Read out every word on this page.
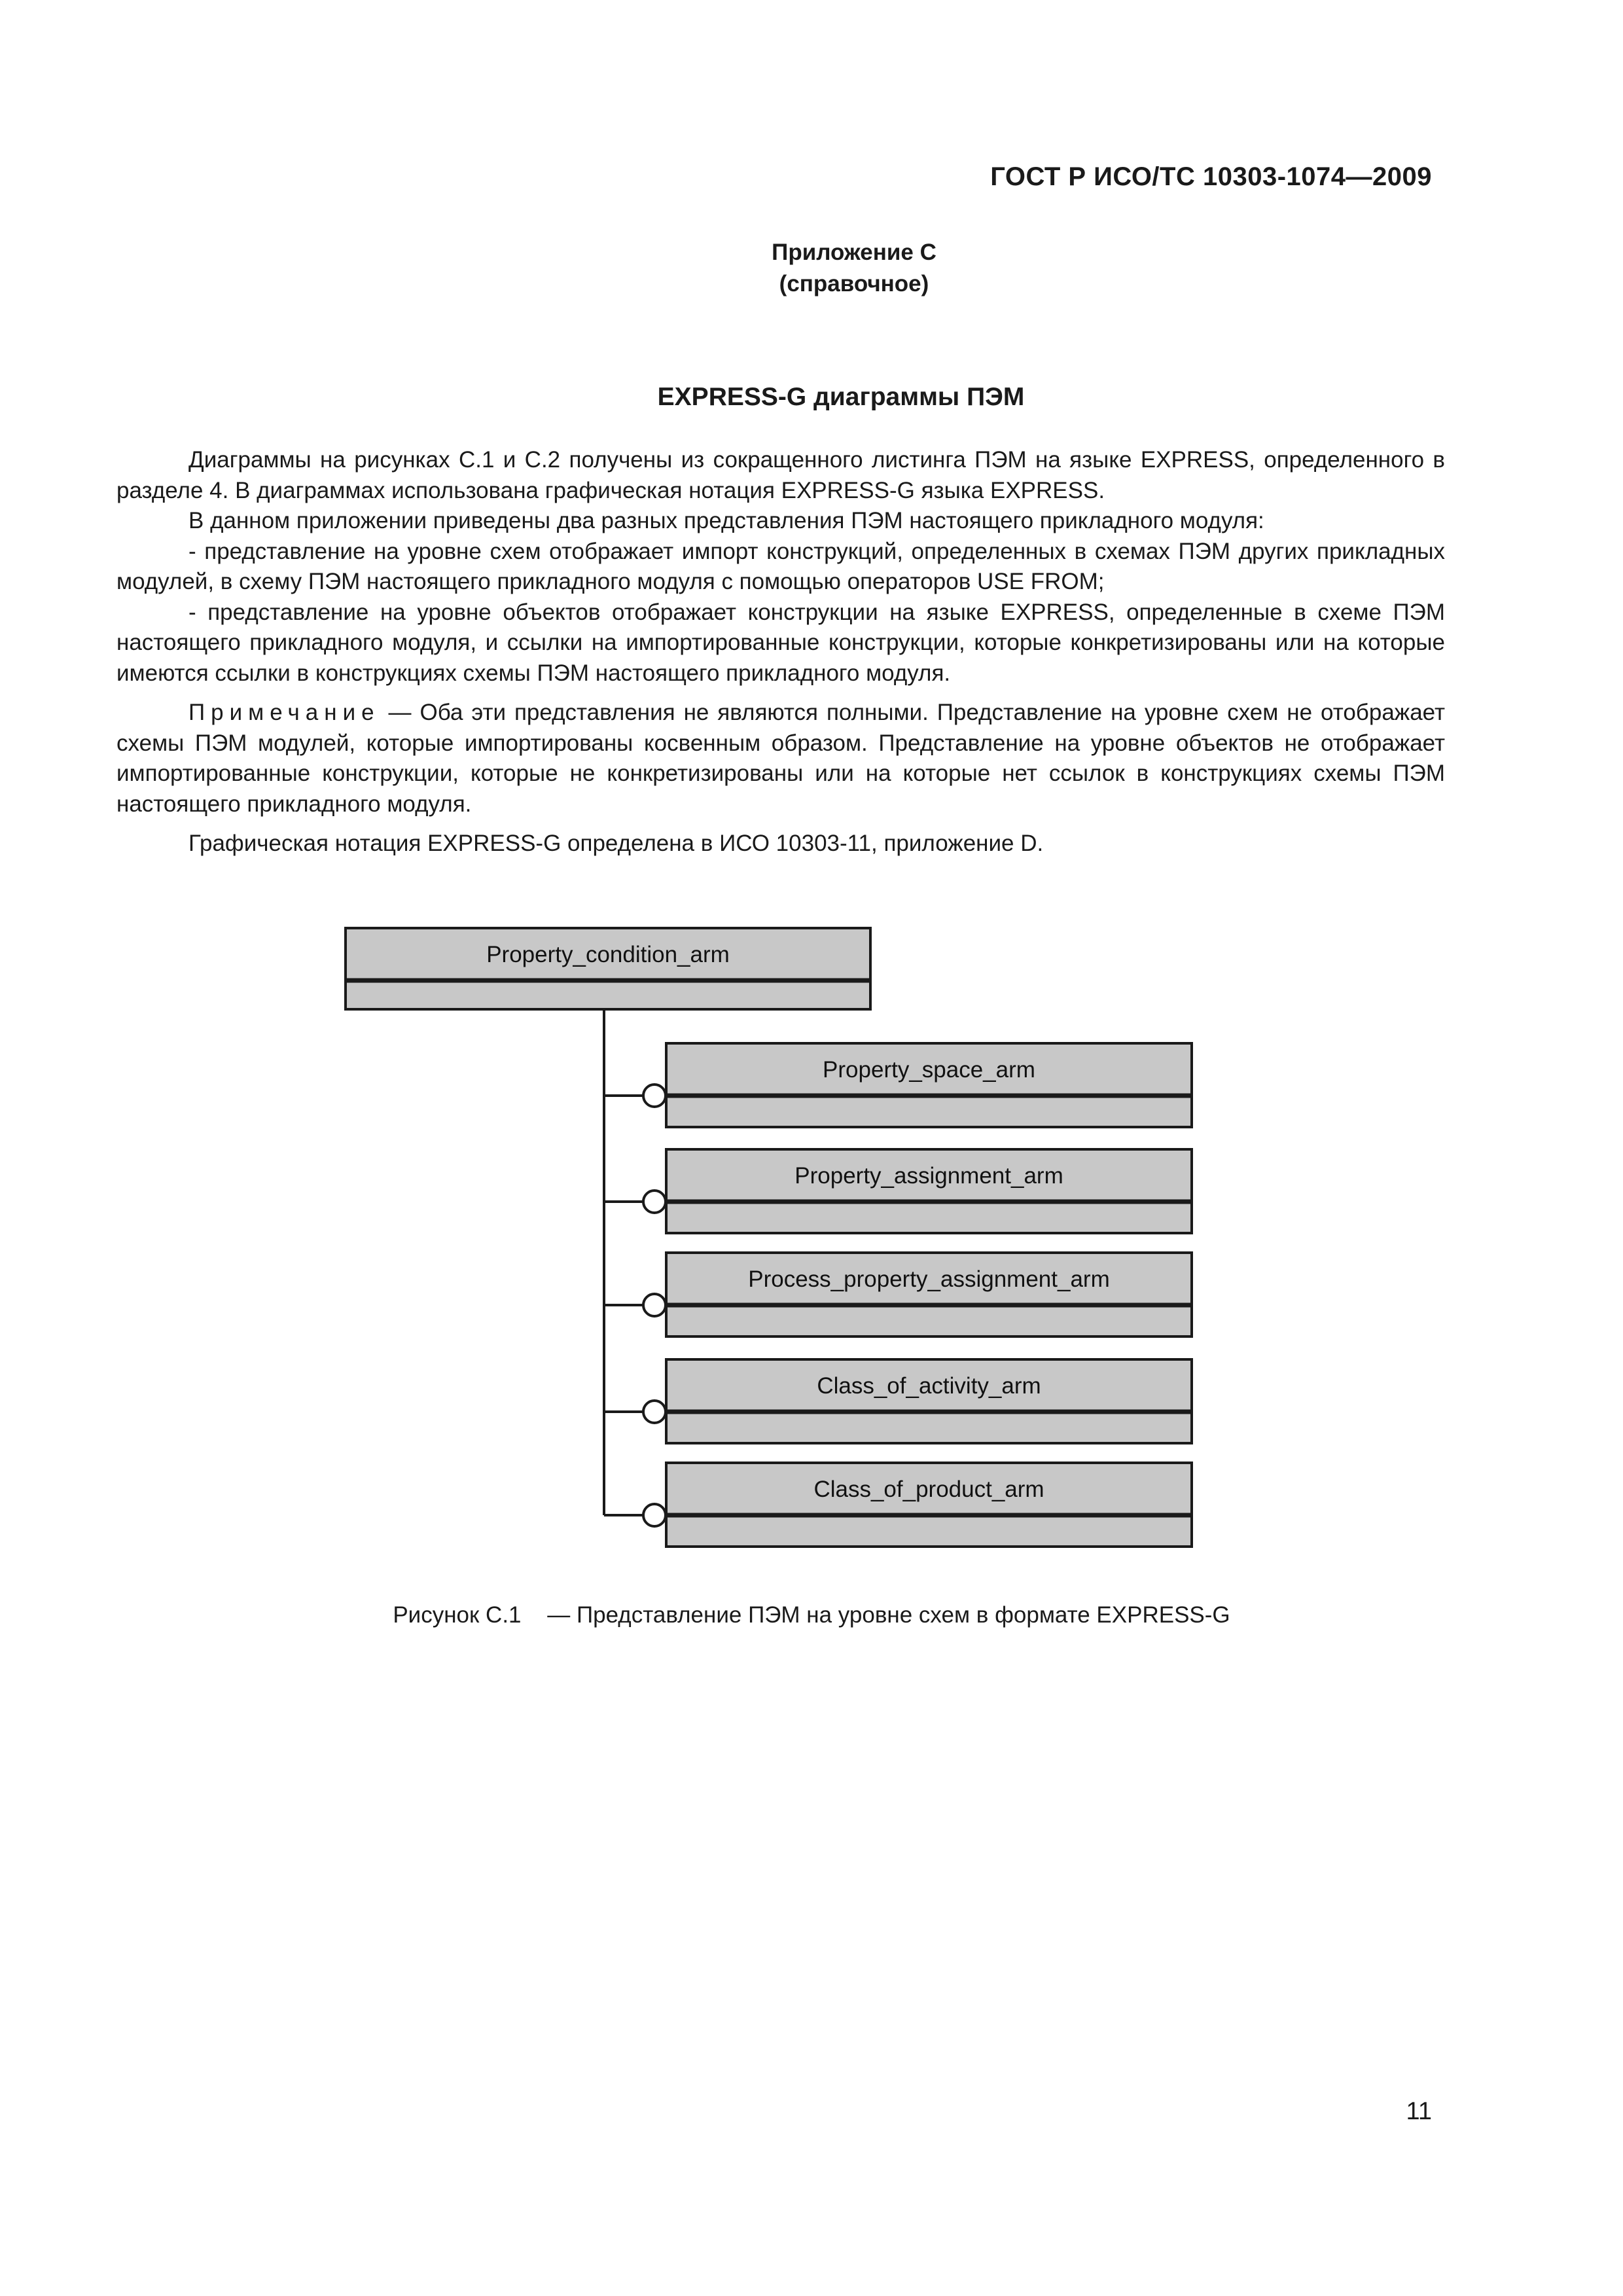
ГОСТ Р ИСО/ТС 10303-1074—2009
Приложение С
(справочное)
EXPRESS-G диаграммы ПЭМ

Диаграммы на рисунках С.1 и С.2 получены из сокращенного листинга ПЭМ на языке EXPRESS, определенного в разделе 4. В диаграммах использована графическая нотация EXPRESS-G языка EXPRESS.

В данном приложении приведены два разных представления ПЭМ настоящего прикладного модуля:

- представление на уровне схем отображает импорт конструкций, определенных в схемах ПЭМ других прикладных модулей, в схему ПЭМ настоящего прикладного модуля с помощью операторов USE FROM;

- представление на уровне объектов отображает конструкции на языке EXPRESS, определенные в схеме ПЭМ настоящего прикладного модуля, и ссылки на импортированные конструкции, которые конкретизированы или на которые имеются ссылки в конструкциях схемы ПЭМ настоящего прикладного модуля.

Примечание — Оба эти представления не являются полными. Представление на уровне схем не отображает схемы ПЭМ модулей, которые импортированы косвенным образом. Представление на уровне объектов не отображает импортированные конструкции, которые не конкретизированы или на которые нет ссылок в конструкциях схемы ПЭМ настоящего прикладного модуля.

Графическая нотация EXPRESS-G определена в ИСО 10303-11, приложение D.

Property_condition_arm
Property_space_arm
Property_assignment_arm
Process_property_assignment_arm
Class_of_activity_arm
Class_of_product_arm
Рисунок С.1 — Представление ПЭМ на уровне схем в формате EXPRESS-G
11
